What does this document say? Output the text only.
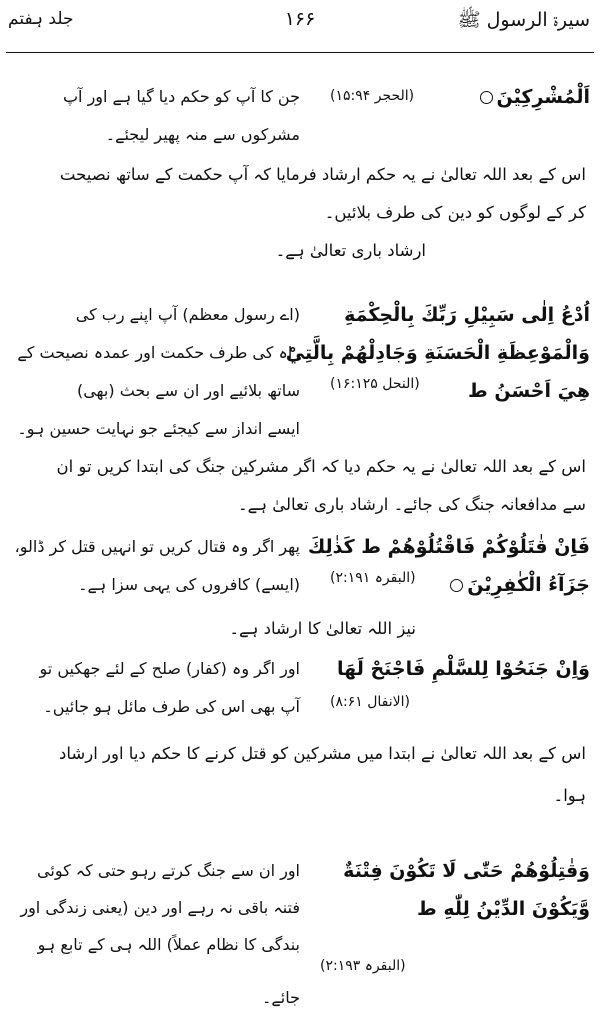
جلد ہفتم	۱۶۶	سیرۃ الرسول ﷺ
اَلْمُشْرِكِيْنَ
(الحجر ۱۵:۹۴)
جن کا آپ کو حکم دیا گیا ہے اور آپ
مشرکوں سے منہ پھیر لیجئے۔
اس کے بعد اللہ تعالیٰ نے یہ حکم ارشاد فرمایا کہ آپ حکمت کے ساتھ نصیحت
کر کے لوگوں کو دین کی طرف بلائیں۔
ارشاد باری تعالیٰ ہے۔
اُدْعُ اِلٰى سَبِيْلِ رَبِّكَ بِالْحِكْمَةِ
وَالْمَوْعِظَةِ الْحَسَنَةِ وَجَادِلْهُمْ بِالَّتِيْ
هِيَ اَحْسَنُ ط
(النحل ۱۶:۱۲۵)
(اے رسول معظم) آپ اپنے رب کی
راہ کی طرف حکمت اور عمدہ نصیحت کے
ساتھ بلائیے اور ان سے بحث (بھی)
ایسے انداز سے کیجئے جو نہایت حسین ہو۔
اس کے بعد اللہ تعالیٰ نے یہ حکم دیا کہ اگر مشرکین جنگ کی ابتدا کریں تو ان
سے مدافعانہ جنگ کی جائے۔ ارشاد باری تعالیٰ ہے۔
فَاِنْ قٰتَلُوْكُمْ فَاقْتُلُوْهُمْ ط كَذٰلِكَ
جَزَآءُ الْكٰفِرِيْنَ
(البقرہ ۲:۱۹۱)
پھر اگر وہ قتال کریں تو انہیں قتل کر ڈالو،
(ایسے) کافروں کی یہی سزا ہے۔
نیز اللہ تعالیٰ کا ارشاد ہے۔
وَاِنْ جَنَحُوْا لِلسَّلْمِ فَاجْنَحْ لَهَا
(الانفال ۸:۶۱)
اور اگر وہ (کفار) صلح کے لئے جھکیں تو
آپ بھی اس کی طرف مائل ہو جائیں۔
اس کے بعد اللہ تعالیٰ نے ابتدا میں مشرکین کو قتل کرنے کا حکم دیا اور ارشاد
ہوا۔
وَقٰتِلُوْهُمْ حَتّٰى لَا تَكُوْنَ فِتْنَةٌ
وَّيَكُوْنَ الدِّيْنُ لِلّٰهِ ط
(البقرہ ۲:۱۹۳)
اور ان سے جنگ کرتے رہو حتی کہ کوئی
فتنہ باقی نہ رہے اور دین (یعنی زندگی اور
بندگی کا نظام عملاً) اللہ ہی کے تابع ہو
جائے۔
